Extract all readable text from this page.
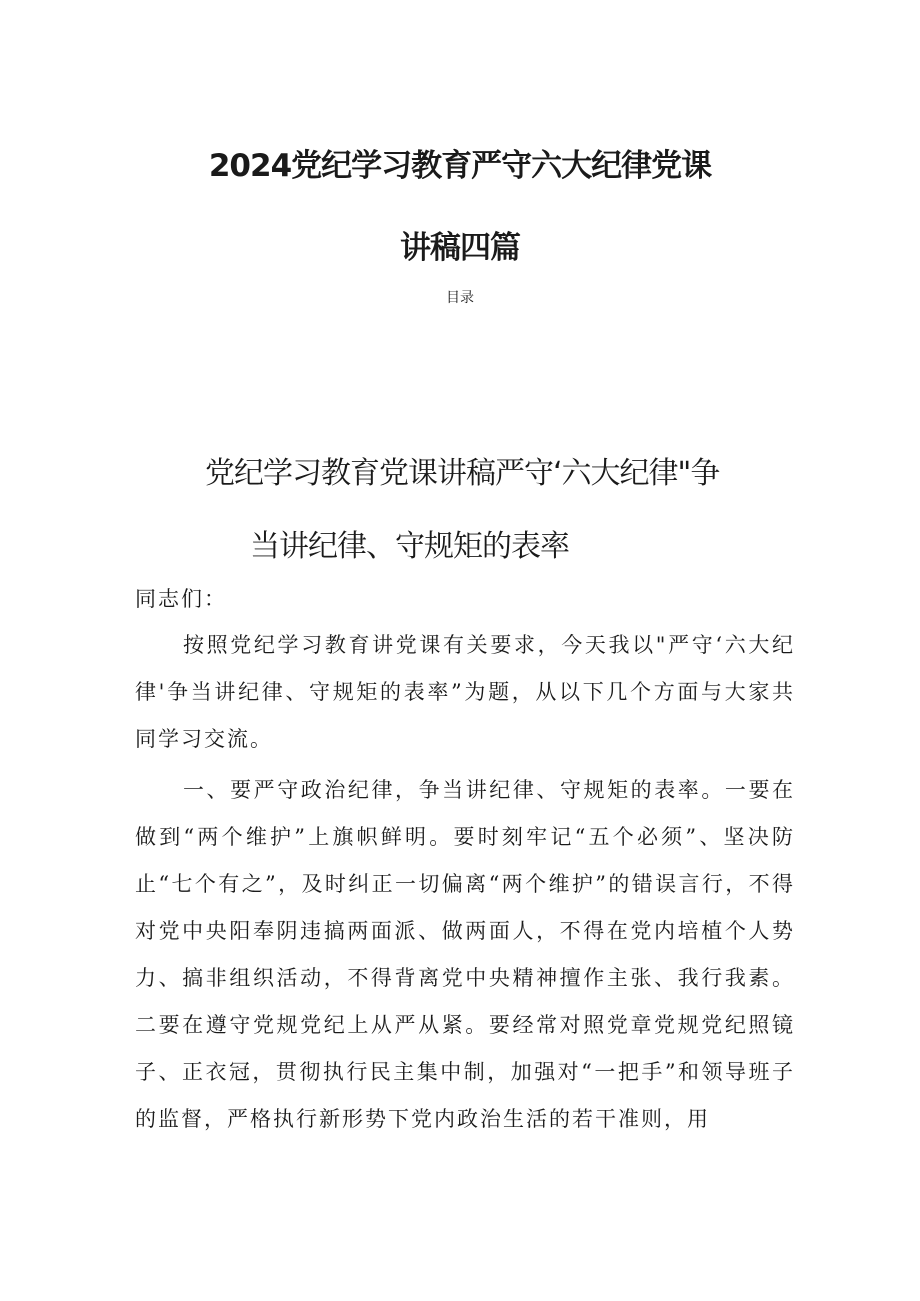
2024党纪学习教育严守六大纪律党课
讲稿四篇
目录
党纪学习教育党课讲稿严守‘六大纪律"争
当讲纪律、守规矩的表率
同志们：

按照党纪学习教育讲党课有关要求，今天我以"严守‘六大纪律'争当讲纪律、守规矩的表率”为题，从以下几个方面与大家共同学习交流。

一、要严守政治纪律，争当讲纪律、守规矩的表率。一要在做到“两个维护”上旗帜鲜明。要时刻牢记“五个必须”、坚决防止“七个有之”，及时纠正一切偏离“两个维护”的错误言行，不得对党中央阳奉阴违搞两面派、做两面人，不得在党内培植个人势力、搞非组织活动，不得背离党中央精神擅作主张、我行我素。二要在遵守党规党纪上从严从紧。要经常对照党章党规党纪照镜子、正衣冠，贯彻执行民主集中制，加强对“一把手”和领导班子的监督，严格执行新形势下党内政治生活的若干准则，用
